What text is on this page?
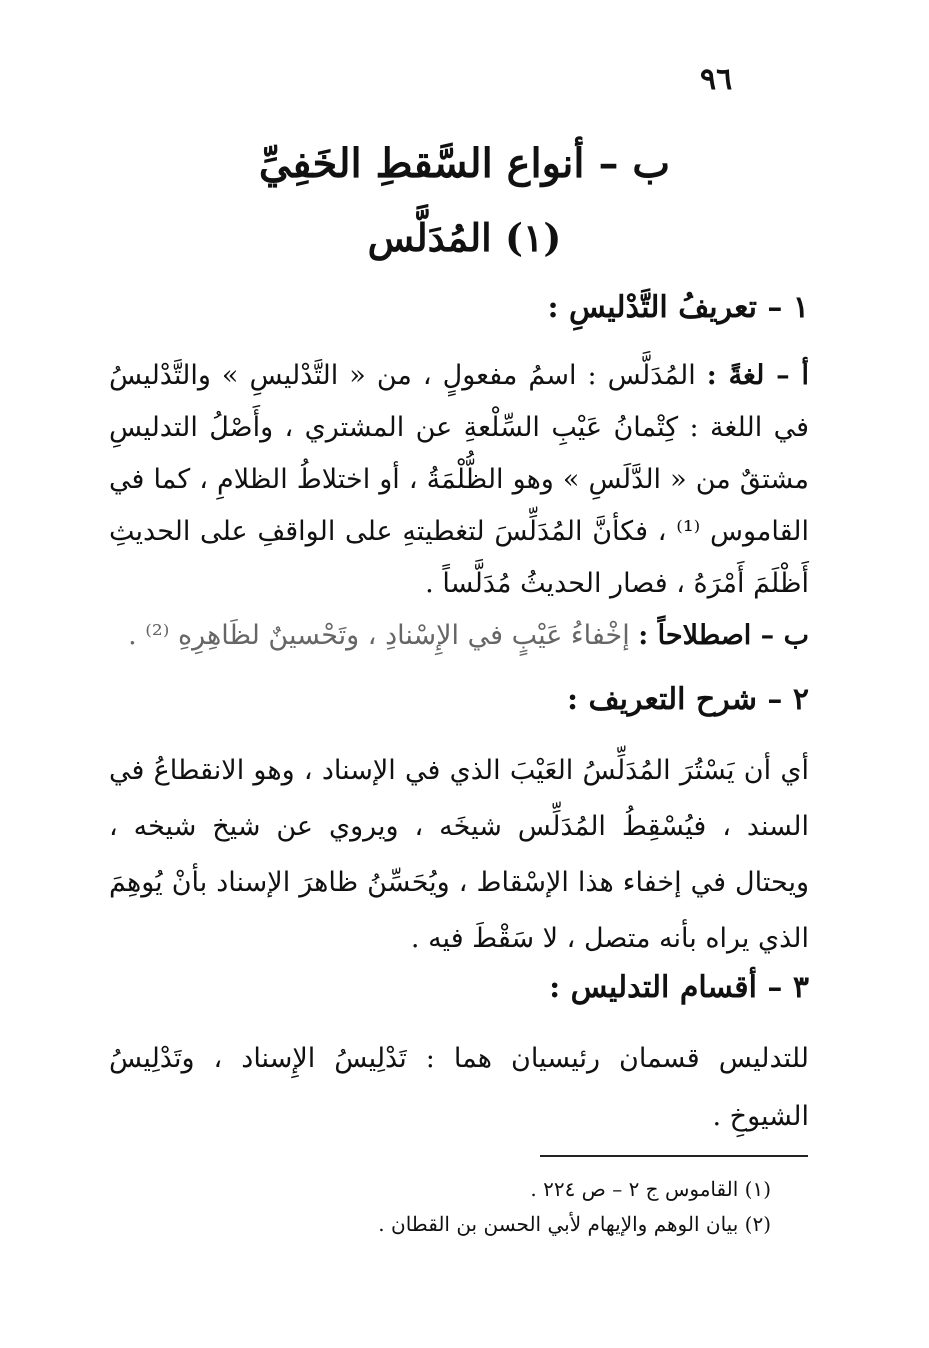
٩٦
ب – أنواع السَّقطِ الخَفِيِّ
(١) المُدَلَّس
١ – تعريفُ التَّدْليسِ :
أ – لغةً : المُدَلَّس : اسمُ مفعولٍ ، من « التَّدْليسِ » والتَّدْليسُ في اللغة : كِتْمانُ عَيْبِ السِّلْعةِ عن المشتري ، وأَصْلُ التدليسِ مشتقٌ من « الدَّلَسِ » وهو الظُّلْمَةُ ، أو اختلاطُ الظلامِ ، كما في القاموس ⁽¹⁾ ، فكأنَّ المُدَلِّسَ لتغطيتهِ على الواقفِ على الحديثِ أَظْلَمَ أَمْرَهُ ، فصار الحديثُ مُدَلَّساً .
ب – اصطلاحاً : إخْفاءُ عَيْبٍ في الإِسْنادِ ، وتَحْسينٌ لظَاهِرِهِ ⁽²⁾ .
٢ – شرح التعريف :
أي أن يَسْتُرَ المُدَلِّسُ العَيْبَ الذي في الإسناد ، وهو الانقطاعُ في السند ، فيُسْقِطُ المُدَلِّس شيخَه ، ويروي عن شيخ شيخه ، ويحتال في إخفاء هذا الإسْقاط ، ويُحَسِّنُ ظاهرَ الإسناد بأنْ يُوهِمَ الذي يراه بأنه متصل ، لا سَقْطَ فيه .
٣ – أقسام التدليس :
للتدليس قسمان رئيسيان هما : تَدْلِيسُ الإِسناد ، وتَدْلِيسُ الشيوخِ .
(١) القاموس ج ٢ – ص ٢٢٤ .
(٢) بيان الوهم والإيهام لأبي الحسن بن القطان .
